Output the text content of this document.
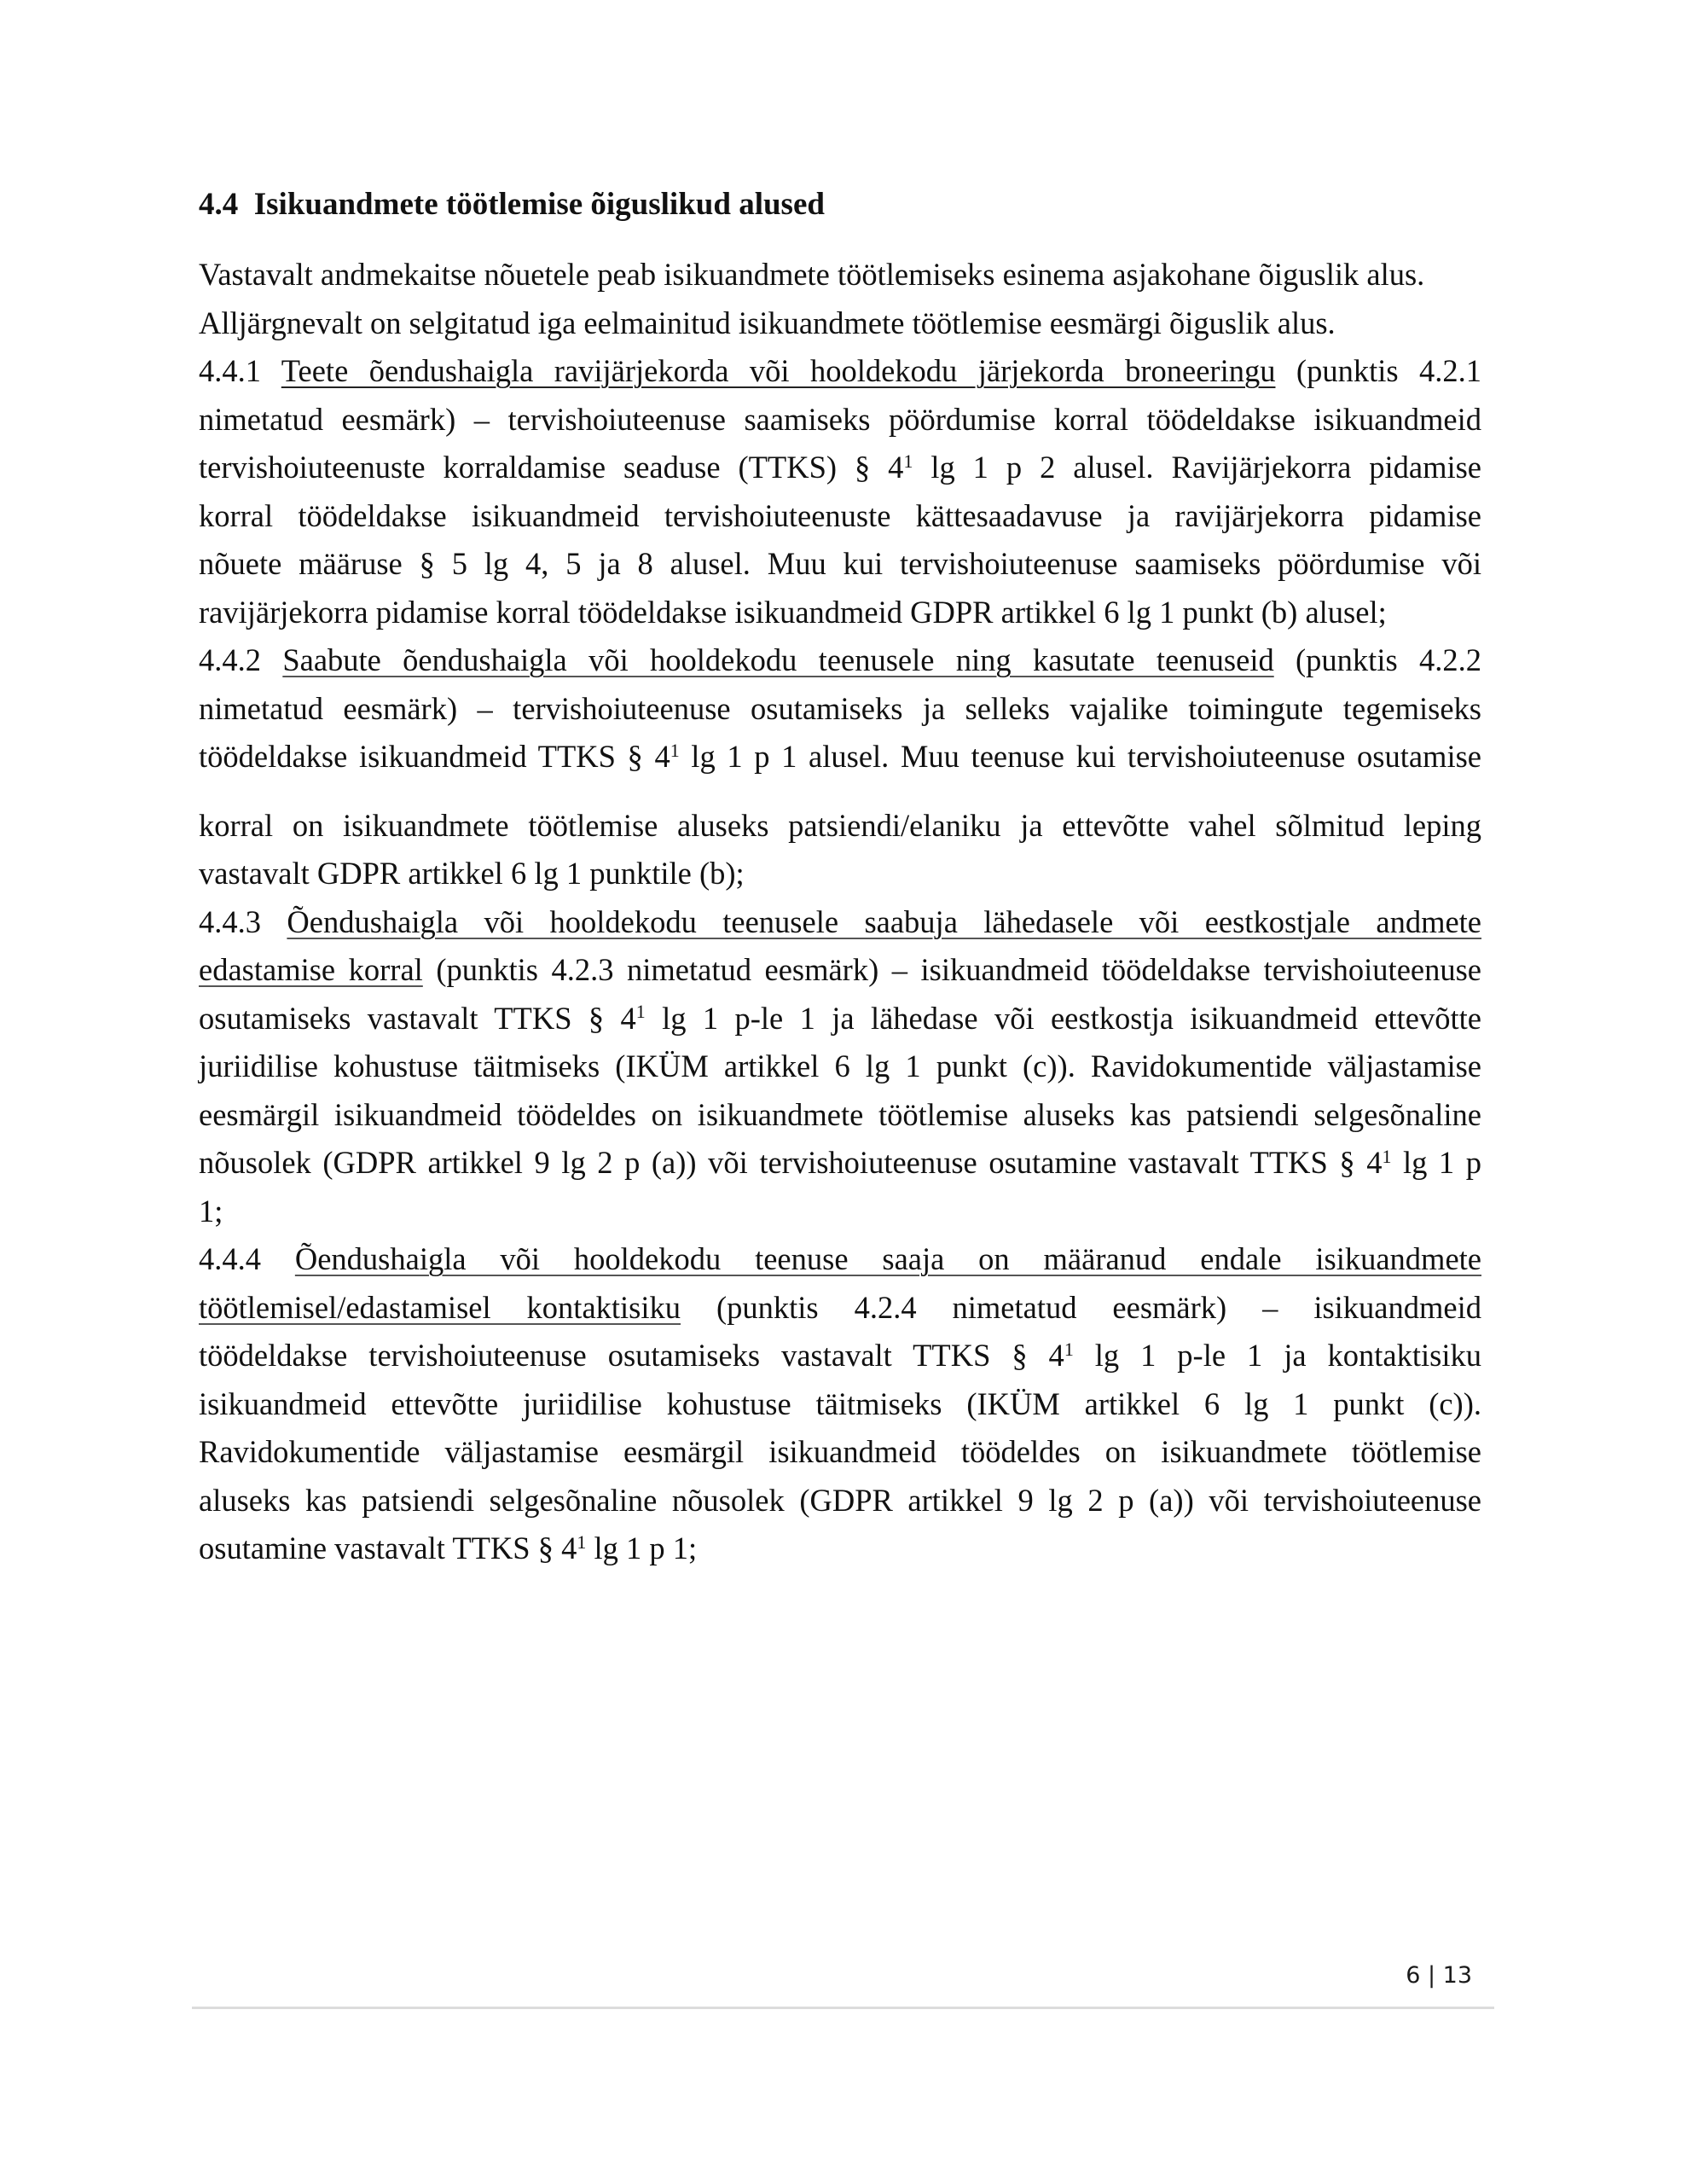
4.4 Isikuandmete töötlemise õiguslikud alused
Vastavalt andmekaitse nõuetele peab isikuandmete töötlemiseks esinema asjakohane õiguslik alus.
Alljärgnevalt on selgitatud iga eelmainitud isikuandmete töötlemise eesmärgi õiguslik alus.
4.4.1 Teete õendushaigla ravijärjekorda või hooldekodu järjekorda broneeringu (punktis 4.2.1
nimetatud eesmärk) – tervishoiuteenuse saamiseks pöördumise korral töödeldakse isikuandmeid
tervishoiuteenuste korraldamise seaduse (TTKS) § $4^1$ lg 1 p 2 alusel. Ravijärjekorra pidamise
korral töödeldakse isikuandmeid tervishoiuteenuste kättesaadavuse ja ravijärjekorra pidamise
nõuete määruse § 5 lg 4, 5 ja 8 alusel. Muu kui tervishoiuteenuse saamiseks pöördumise või
ravijärjekorra pidamise korral töödeldakse isikuandmeid GDPR artikkel 6 lg 1 punkt (b) alusel;
4.4.2 Saabute õendushaigla või hooldekodu teenusele ning kasutate teenuseid (punktis 4.2.2
nimetatud eesmärk) – tervishoiuteenuse osutamiseks ja selleks vajalike toimingute tegemiseks
töödeldakse isikuandmeid TTKS § $4^1$ lg 1 p 1 alusel. Muu teenuse kui tervishoiuteenuse osutamise
korral on isikuandmete töötlemise aluseks patsiendi/elaniku ja ettevõtte vahel sõlmitud leping
vastavalt GDPR artikkel 6 lg 1 punktile (b);
4.4.3 Õendushaigla või hooldekodu teenusele saabuja lähedasele või eestkostjale andmete
edastamise korral (punktis 4.2.3 nimetatud eesmärk) – isikuandmeid töödeldakse tervishoiuteenuse
osutamiseks vastavalt TTKS § $4^1$ lg 1 p-le 1 ja lähedase või eestkostja isikuandmeid ettevõtte
juriidilise kohustuse täitmiseks (IKÜM artikkel 6 lg 1 punkt (c)). Ravidokumentide väljastamise
eesmärgil isikuandmeid töödeldes on isikuandmete töötlemise aluseks kas patsiendi selgesõnaline
nõusolek (GDPR artikkel 9 lg 2 p (a)) või tervishoiuteenuse osutamine vastavalt TTKS § $4^1$ lg 1 p
1;
4.4.4 Õendushaigla või hooldekodu teenuse saaja on määranud endale isikuandmete
töötlemisel/edastamisel kontaktisiku (punktis 4.2.4 nimetatud eesmärk) – isikuandmeid
töödeldakse tervishoiuteenuse osutamiseks vastavalt TTKS § $4^1$ lg 1 p-le 1 ja kontaktisiku
isikuandmeid ettevõtte juriidilise kohustuse täitmiseks (IKÜM artikkel 6 lg 1 punkt (c)).
Ravidokumentide väljastamise eesmärgil isikuandmeid töödeldes on isikuandmete töötlemise
aluseks kas patsiendi selgesõnaline nõusolek (GDPR artikkel 9 lg 2 p (a)) või tervishoiuteenuse
osutamine vastavalt TTKS § $4^1$ lg 1 p 1;
6 | 13
